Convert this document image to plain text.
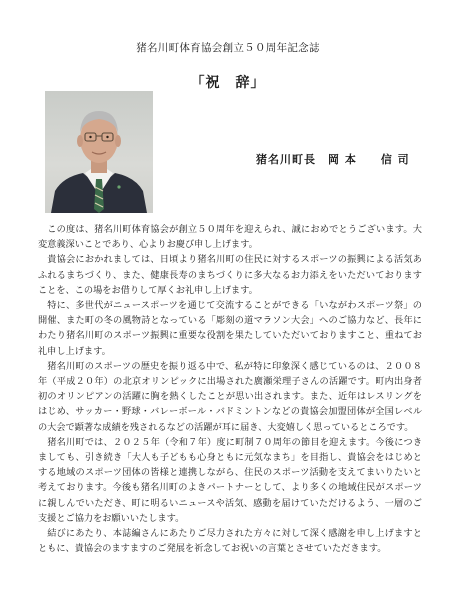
猪名川町体育協会創立５０周年記念誌
「祝　辞」
猪名川町長　岡 本　　信 司

この度は、猪名川町体育協会が創立５０周年を迎えられ、誠におめでとうございます。大変意義深いことであり、心よりお慶び申し上げます。

貴協会におかれましては、日頃より猪名川町の住民に対するスポーツの振興による活気あふれるまちづくり、また、健康長寿のまちづくりに多大なるお力添えをいただいておりますことを、この場をお借りして厚くお礼申し上げます。

特に、多世代がニュースポーツを通じて交流することができる「いながわスポーツ祭」の開催、また町の冬の風物詩となっている「彫刻の道マラソン大会」へのご協力など、長年にわたり猪名川町のスポーツ振興に重要な役割を果たしていただいておりますこと、重ねてお礼申し上げます。

猪名川町のスポーツの歴史を振り返る中で、私が特に印象深く感じているのは、２００８年（平成２０年）の北京オリンピックに出場された廣瀬栄理子さんの活躍です。町内出身者初のオリンピアンの活躍に胸を熱くしたことが思い出されます。また、近年はレスリングをはじめ、サッカー・野球・バレーボール・バドミントンなどの貴協会加盟団体が全国レベルの大会で顕著な成績を残されるなどの活躍が耳に届き、大変嬉しく思っているところです。

猪名川町では、２０２５年（令和７年）度に町制７０周年の節目を迎えます。今後につきましても、引き続き「大人も子どもも心身ともに元気なまち」を目指し、貴協会をはじめとする地域のスポーツ団体の皆様と連携しながら、住民のスポーツ活動を支えてまいりたいと考えております。今後も猪名川町のよきパートナーとして、より多くの地域住民がスポーツに親しんでいただき、町に明るいニュースや活気、感動を届けていただけるよう、一層のご支援とご協力をお願いいたします。

結びにあたり、本誌編さんにあたりご尽力された方々に対して深く感謝を申し上げますとともに、貴協会のますますのご発展を祈念してお祝いの言葉とさせていただきます。
